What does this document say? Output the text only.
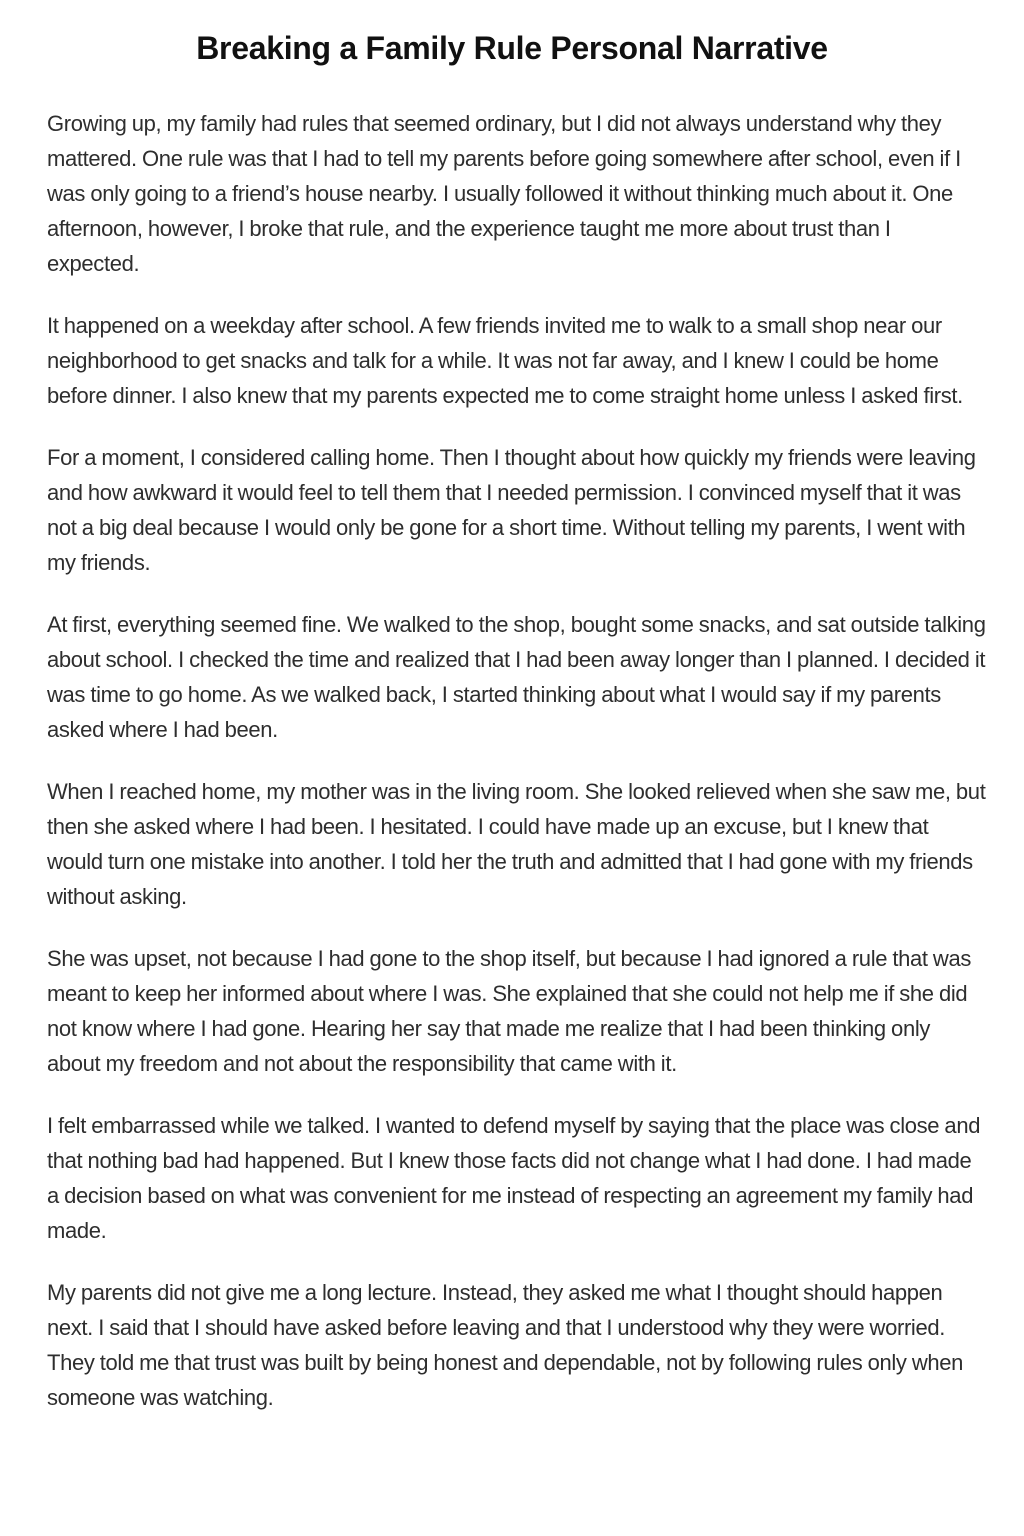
Breaking a Family Rule Personal Narrative

Growing up, my family had rules that seemed ordinary, but I did not always understand why they mattered. One rule was that I had to tell my parents before going somewhere after school, even if I was only going to a friend’s house nearby. I usually followed it without thinking much about it. One afternoon, however, I broke that rule, and the experience taught me more about trust than I expected.

It happened on a weekday after school. A few friends invited me to walk to a small shop near our neighborhood to get snacks and talk for a while. It was not far away, and I knew I could be home before dinner. I also knew that my parents expected me to come straight home unless I asked first.

For a moment, I considered calling home. Then I thought about how quickly my friends were leaving and how awkward it would feel to tell them that I needed permission. I convinced myself that it was not a big deal because I would only be gone for a short time. Without telling my parents, I went with my friends.

At first, everything seemed fine. We walked to the shop, bought some snacks, and sat outside talking about school. I checked the time and realized that I had been away longer than I planned. I decided it was time to go home. As we walked back, I started thinking about what I would say if my parents asked where I had been.

When I reached home, my mother was in the living room. She looked relieved when she saw me, but then she asked where I had been. I hesitated. I could have made up an excuse, but I knew that would turn one mistake into another. I told her the truth and admitted that I had gone with my friends without asking.

She was upset, not because I had gone to the shop itself, but because I had ignored a rule that was meant to keep her informed about where I was. She explained that she could not help me if she did not know where I had gone. Hearing her say that made me realize that I had been thinking only about my freedom and not about the responsibility that came with it.

I felt embarrassed while we talked. I wanted to defend myself by saying that the place was close and that nothing bad had happened. But I knew those facts did not change what I had done. I had made a decision based on what was convenient for me instead of respecting an agreement my family had made.

My parents did not give me a long lecture. Instead, they asked me what I thought should happen next. I said that I should have asked before leaving and that I understood why they were worried. They told me that trust was built by being honest and dependable, not by following rules only when someone was watching.
